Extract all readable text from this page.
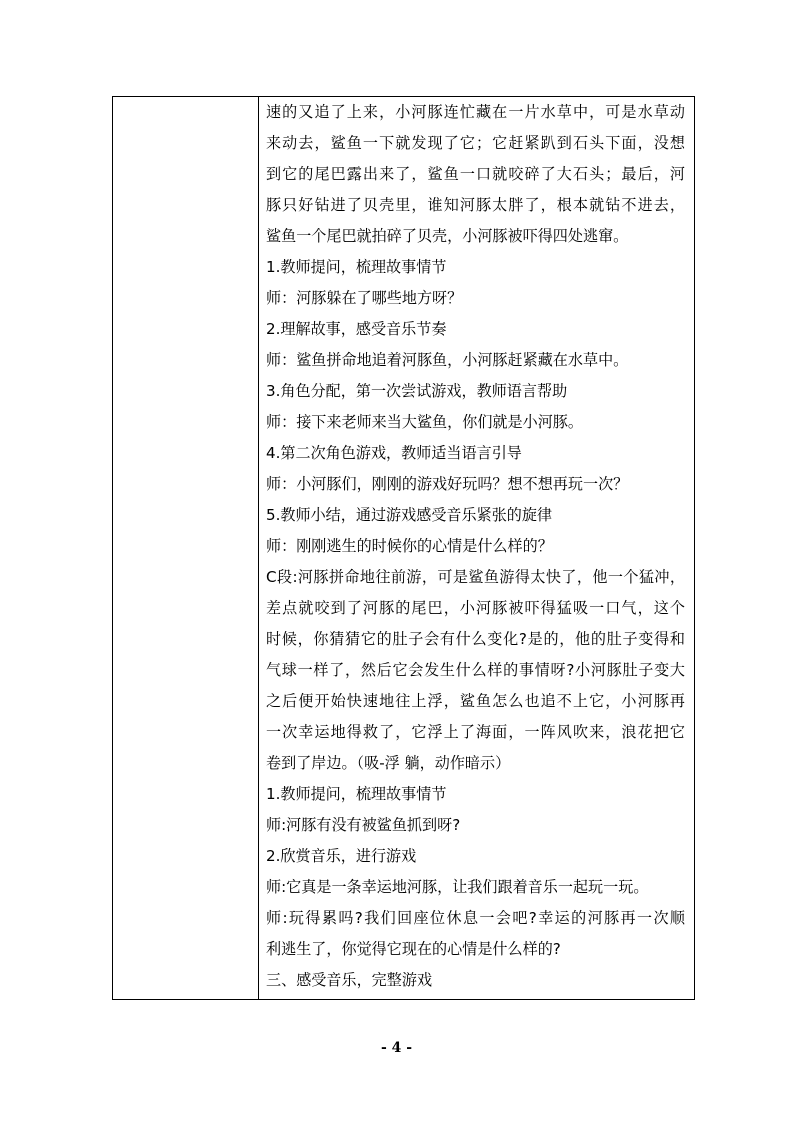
速的又追了上来，小河豚连忙藏在一片水草中，可是水草动
来动去，鲨鱼一下就发现了它；它赶紧趴到石头下面，没想
到它的尾巴露出来了，鲨鱼一口就咬碎了大石头；最后，河
豚只好钻进了贝壳里，谁知河豚太胖了，根本就钻不进去，
鲨鱼一个尾巴就拍碎了贝壳，小河豚被吓得四处逃窜。
1.教师提问，梳理故事情节
师：河豚躲在了哪些地方呀？
2.理解故事，感受音乐节奏
师：鲨鱼拼命地追着河豚鱼，小河豚赶紧藏在水草中。
3.角色分配，第一次尝试游戏，教师语言帮助
师：接下来老师来当大鲨鱼，你们就是小河豚。
4.第二次角色游戏，教师适当语言引导
师：小河豚们，刚刚的游戏好玩吗？想不想再玩一次？
5.教师小结，通过游戏感受音乐紧张的旋律
师：刚刚逃生的时候你的心情是什么样的？
C段:河豚拼命地往前游，可是鲨鱼游得太快了，他一个猛冲，
差点就咬到了河豚的尾巴，小河豚被吓得猛吸一口气，这个
时候，你猜猜它的肚子会有什么变化?是的，他的肚子变得和
气球一样了，然后它会发生什么样的事情呀?小河豚肚子变大
之后便开始快速地往上浮，鲨鱼怎么也追不上它，小河豚再
一次幸运地得救了，它浮上了海面，一阵风吹来，浪花把它
卷到了岸边。（吸-浮 躺，动作暗示）
1.教师提问，梳理故事情节
师:河豚有没有被鲨鱼抓到呀?
2.欣赏音乐，进行游戏
师:它真是一条幸运地河豚，让我们跟着音乐一起玩一玩。
师:玩得累吗?我们回座位休息一会吧?幸运的河豚再一次顺
利逃生了，你觉得它现在的心情是什么样的?
三、感受音乐，完整游戏
- 4 -
